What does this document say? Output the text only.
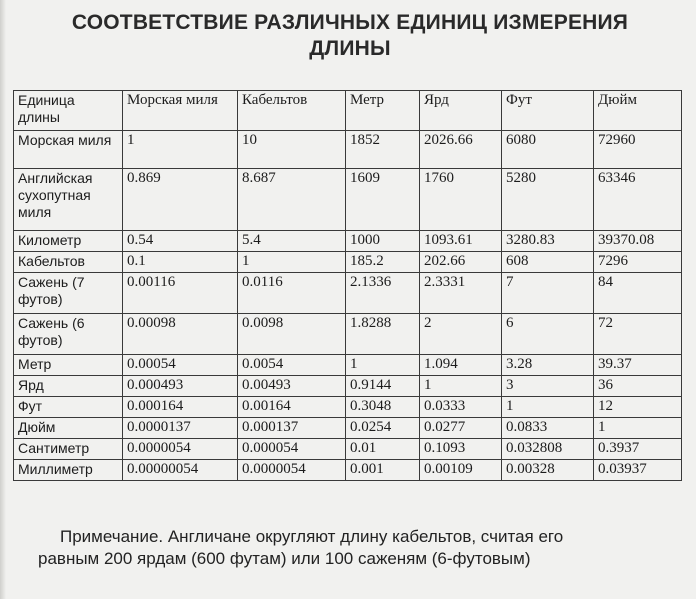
СООТВЕТСТВИЕ РАЗЛИЧНЫХ ЕДИНИЦ ИЗМЕРЕНИЯ
ДЛИНЫ
Единица длины	Морская миля	Кабельтов	Метр	Ярд	Фут	Дюйм
Морская миля	1	10	1852	2026.66	6080	72960
Английская сухопутная миля	0.869	8.687	1609	1760	5280	63346
Километр	0.54	5.4	1000	1093.61	3280.83	39370.08
Кабельтов	0.1	1	185.2	202.66	608	7296
Сажень (7 футов)	0.00116	0.0116	2.1336	2.3331	7	84
Сажень (6 футов)	0.00098	0.0098	1.8288	2	6	72
Метр	0.00054	0.0054	1	1.094	3.28	39.37
Ярд	0.000493	0.00493	0.9144	1	3	36
Фут	0.000164	0.00164	0.3048	0.0333	1	12
Дюйм	0.0000137	0.000137	0.0254	0.0277	0.0833	1
Сантиметр	0.0000054	0.000054	0.01	0.1093	0.032808	0.3937
Миллиметр	0.00000054	0.0000054	0.001	0.00109	0.00328	0.03937
Примечание. Англичане округляют длину кабельтов, считая его
равным 200 ярдам (600 футам) или 100 саженям (6-футовым)
